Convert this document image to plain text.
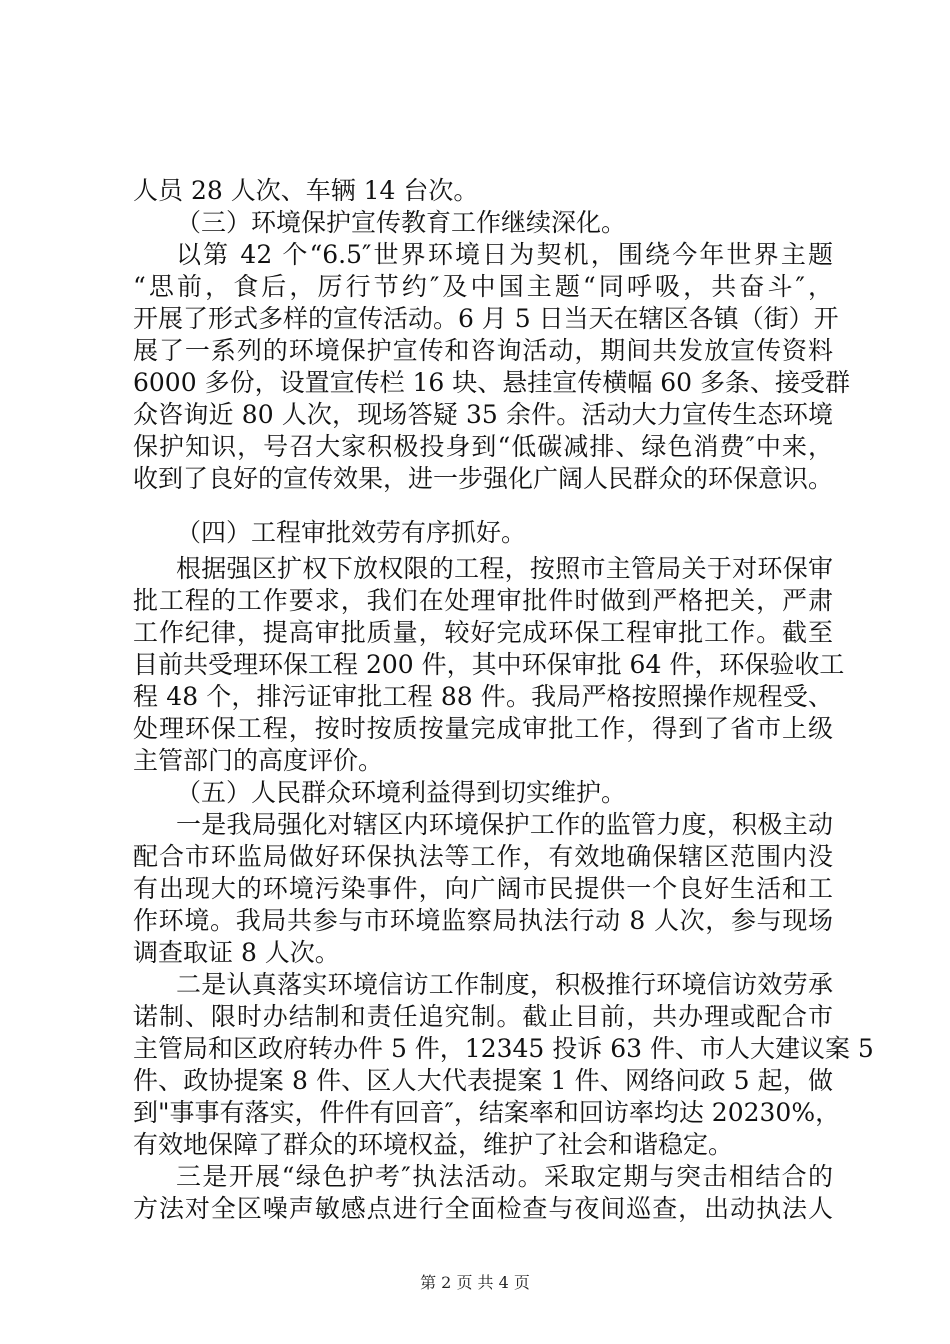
人员 28 人次、车辆 14 台次。
（三）环境保护宣传教育工作继续深化。
以第 42 个“6.5″世界环境日为契机，围绕今年世界主题
“思前，食后，厉行节约″及中国主题“同呼吸，共奋斗″，
开展了形式多样的宣传活动。6 月 5 日当天在辖区各镇（街）开
展了一系列的环境保护宣传和咨询活动，期间共发放宣传资料
6000 多份，设置宣传栏 16 块、悬挂宣传横幅 60 多条、接受群
众咨询近 80 人次，现场答疑 35 余件。活动大力宣传生态环境
保护知识，号召大家积极投身到“低碳减排、绿色消费″中来，
收到了良好的宣传效果，进一步强化广阔人民群众的环保意识。
（四）工程审批效劳有序抓好。
根据强区扩权下放权限的工程，按照市主管局关于对环保审
批工程的工作要求，我们在处理审批件时做到严格把关，严肃
工作纪律，提高审批质量，较好完成环保工程审批工作。截至
目前共受理环保工程 200 件，其中环保审批 64 件，环保验收工
程 48 个，排污证审批工程 88 件。我局严格按照操作规程受、
处理环保工程，按时按质按量完成审批工作，得到了省市上级
主管部门的高度评价。
（五）人民群众环境利益得到切实维护。
一是我局强化对辖区内环境保护工作的监管力度，积极主动
配合市环监局做好环保执法等工作，有效地确保辖区范围内没
有出现大的环境污染事件，向广阔市民提供一个良好生活和工
作环境。我局共参与市环境监察局执法行动 8 人次，参与现场
调查取证 8 人次。
二是认真落实环境信访工作制度，积极推行环境信访效劳承
诺制、限时办结制和责任追究制。截止目前，共办理或配合市
主管局和区政府转办件 5 件，12345 投诉 63 件、市人大建议案 5
件、政协提案 8 件、区人大代表提案 1 件、网络问政 5 起，做
到"事事有落实，件件有回音″，结案率和回访率均达 20230%，
有效地保障了群众的环境权益，维护了社会和谐稳定。
三是开展“绿色护考″执法活动。采取定期与突击相结合的
方法对全区噪声敏感点进行全面检查与夜间巡查，出动执法人
第 2 页 共 4 页
